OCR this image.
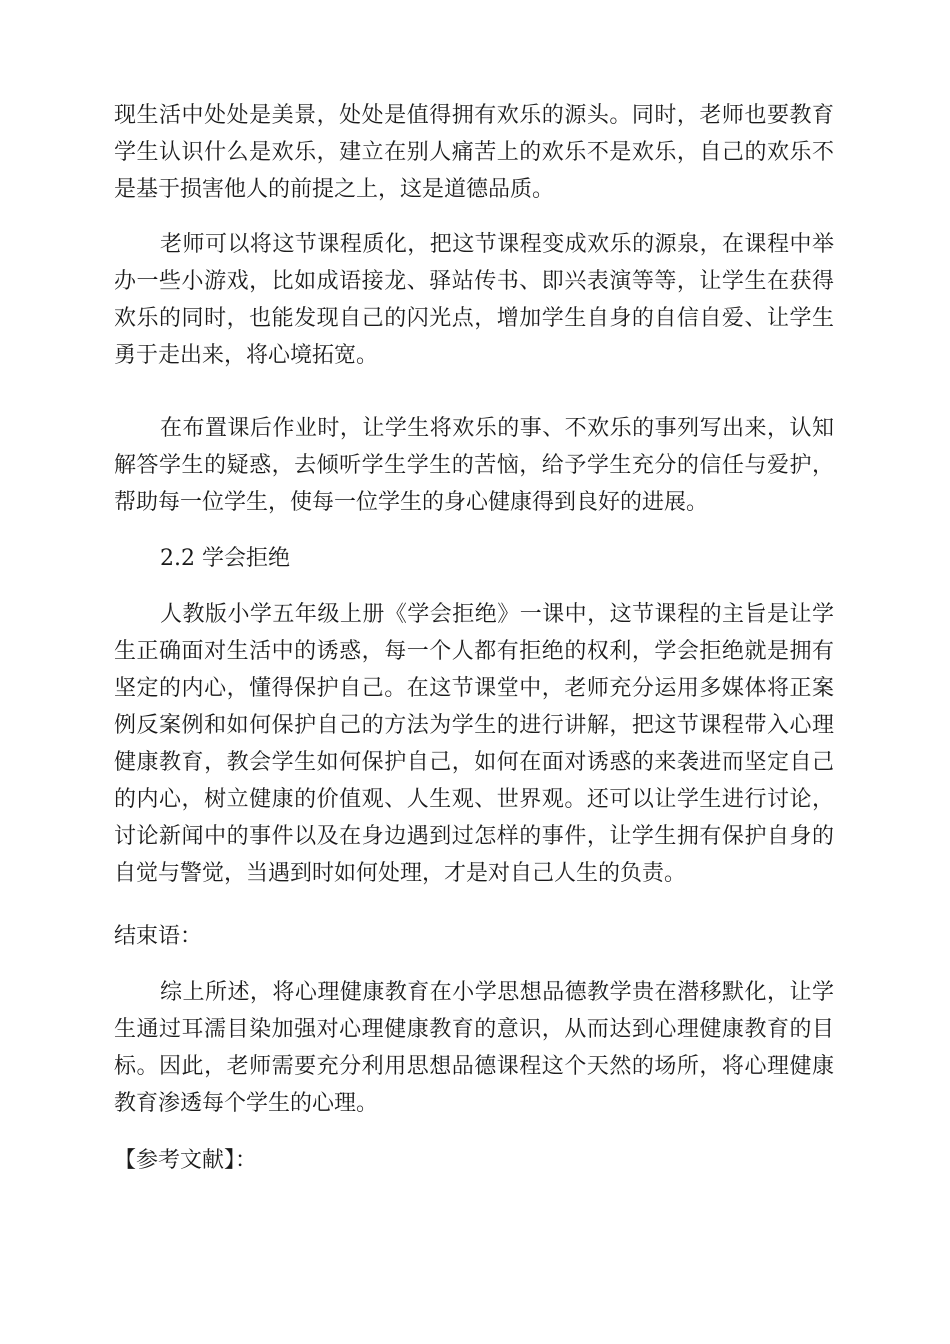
现生活中处处是美景，处处是值得拥有欢乐的源头。同时，老师也要教育学生认识什么是欢乐，建立在别人痛苦上的欢乐不是欢乐，自己的欢乐不是基于损害他人的前提之上，这是道德品质。

老师可以将这节课程质化，把这节课程变成欢乐的源泉，在课程中举办一些小游戏，比如成语接龙、驿站传书、即兴表演等等，让学生在获得欢乐的同时，也能发现自己的闪光点，增加学生自身的自信自爱、让学生勇于走出来，将心境拓宽。

在布置课后作业时，让学生将欢乐的事、不欢乐的事列写出来，认知解答学生的疑惑，去倾听学生学生的苦恼，给予学生充分的信任与爱护，帮助每一位学生，使每一位学生的身心健康得到良好的进展。

2.2 学会拒绝

人教版小学五年级上册《学会拒绝》一课中，这节课程的主旨是让学生正确面对生活中的诱惑，每一个人都有拒绝的权利，学会拒绝就是拥有坚定的内心，懂得保护自己。在这节课堂中，老师充分运用多媒体将正案例反案例和如何保护自己的方法为学生的进行讲解，把这节课程带入心理健康教育，教会学生如何保护自己，如何在面对诱惑的来袭进而坚定自己的内心，树立健康的价值观、人生观、世界观。还可以让学生进行讨论，讨论新闻中的事件以及在身边遇到过怎样的事件，让学生拥有保护自身的自觉与警觉，当遇到时如何处理，才是对自己人生的负责。

结束语：

综上所述，将心理健康教育在小学思想品德教学贵在潜移默化，让学生通过耳濡目染加强对心理健康教育的意识，从而达到心理健康教育的目标。因此，老师需要充分利用思想品德课程这个天然的场所，将心理健康教育渗透每个学生的心理。

【参考文献】：
